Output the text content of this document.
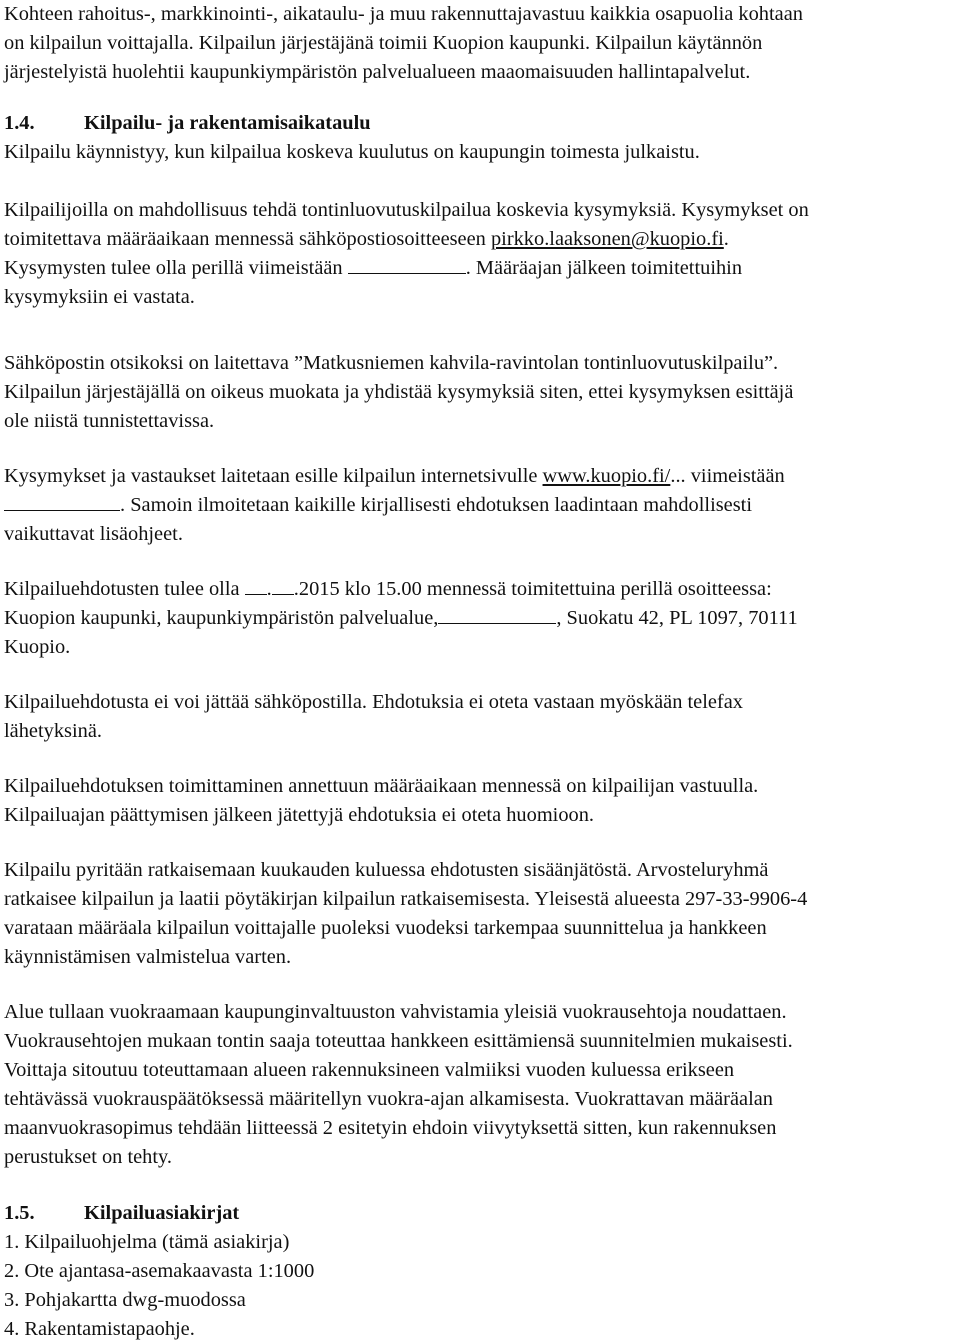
Kohteen rahoitus-, markkinointi-, aikataulu- ja muu rakennuttajavastuu kaikkia osapuolia kohtaan

on kilpailun voittajalla. Kilpailun järjestäjänä toimii Kuopion kaupunki. Kilpailun käytännön

järjestelyistä huolehtii kaupunkiympäristön palvelualueen maaomaisuuden hallintapalvelut.

1.4. Kilpailu- ja rakentamisaikataulu

Kilpailu käynnistyy, kun kilpailua koskeva kuulutus on kaupungin toimesta julkaistu.

Kilpailijoilla on mahdollisuus tehdä tontinluovutuskilpailua koskevia kysymyksiä. Kysymykset on

toimitettava määräaikaan mennessä sähköpostiosoitteeseen pirkko.laaksonen@kuopio.fi.

Kysymysten tulee olla perillä viimeistään	. Määräajan jälkeen toimitettuihin

kysymyksiin ei vastata.

Sähköpostin otsikoksi on laitettava ”Matkusniemen kahvila-ravintolan tontinluovutuskilpailu”.

Kilpailun järjestäjällä on oikeus muokata ja yhdistää kysymyksiä siten, ettei kysymyksen esittäjä

ole niistä tunnistettavissa.

Kysymykset ja vastaukset laitetaan esille kilpailun internetsivulle www.kuopio.fi/... viimeistään

. Samoin ilmoitetaan kaikille kirjallisesti ehdotuksen laadintaan mahdollisesti

vaikuttavat lisäohjeet.

Kilpailuehdotusten tulee olla . .2015 klo 15.00 mennessä toimitettuina perillä osoitteessa:

Kuopion kaupunki, kaupunkiympäristön palvelualue,	, Suokatu 42, PL 1097, 70111

Kuopio.

Kilpailuehdotusta ei voi jättää sähköpostilla. Ehdotuksia ei oteta vastaan myöskään telefax

lähetyksinä.

Kilpailuehdotuksen toimittaminen annettuun määräaikaan mennessä on kilpailijan vastuulla.

Kilpailuajan päättymisen jälkeen jätettyjä ehdotuksia ei oteta huomioon.

Kilpailu pyritään ratkaisemaan kuukauden kuluessa ehdotusten sisäänjätöstä. Arvosteluryhmä

ratkaisee kilpailun ja laatii pöytäkirjan kilpailun ratkaisemisesta. Yleisestä alueesta 297-33-9906-4

varataan määräala kilpailun voittajalle puoleksi vuodeksi tarkempaa suunnittelua ja hankkeen

käynnistämisen valmistelua varten.

Alue tullaan vuokraamaan kaupunginvaltuuston vahvistamia yleisiä vuokrausehtoja noudattaen.

Vuokrausehtojen mukaan tontin saaja toteuttaa hankkeen esittämiensä suunnitelmien mukaisesti.

Voittaja sitoutuu toteuttamaan alueen rakennuksineen valmiiksi vuoden kuluessa erikseen

tehtävässä vuokrauspäätöksessä määritellyn vuokra-ajan alkamisesta. Vuokrattavan määräalan

maanvuokrasopimus tehdään liitteessä 2 esitetyin ehdoin viivytyksettä sitten, kun rakennuksen

perustukset on tehty.

1.5. Kilpailuasiakirjat

1. Kilpailuohjelma (tämä asiakirja)

2. Ote ajantasa-asemakaavasta 1:1000

3. Pohjakartta dwg-muodossa

4. Rakentamistapaohje.
